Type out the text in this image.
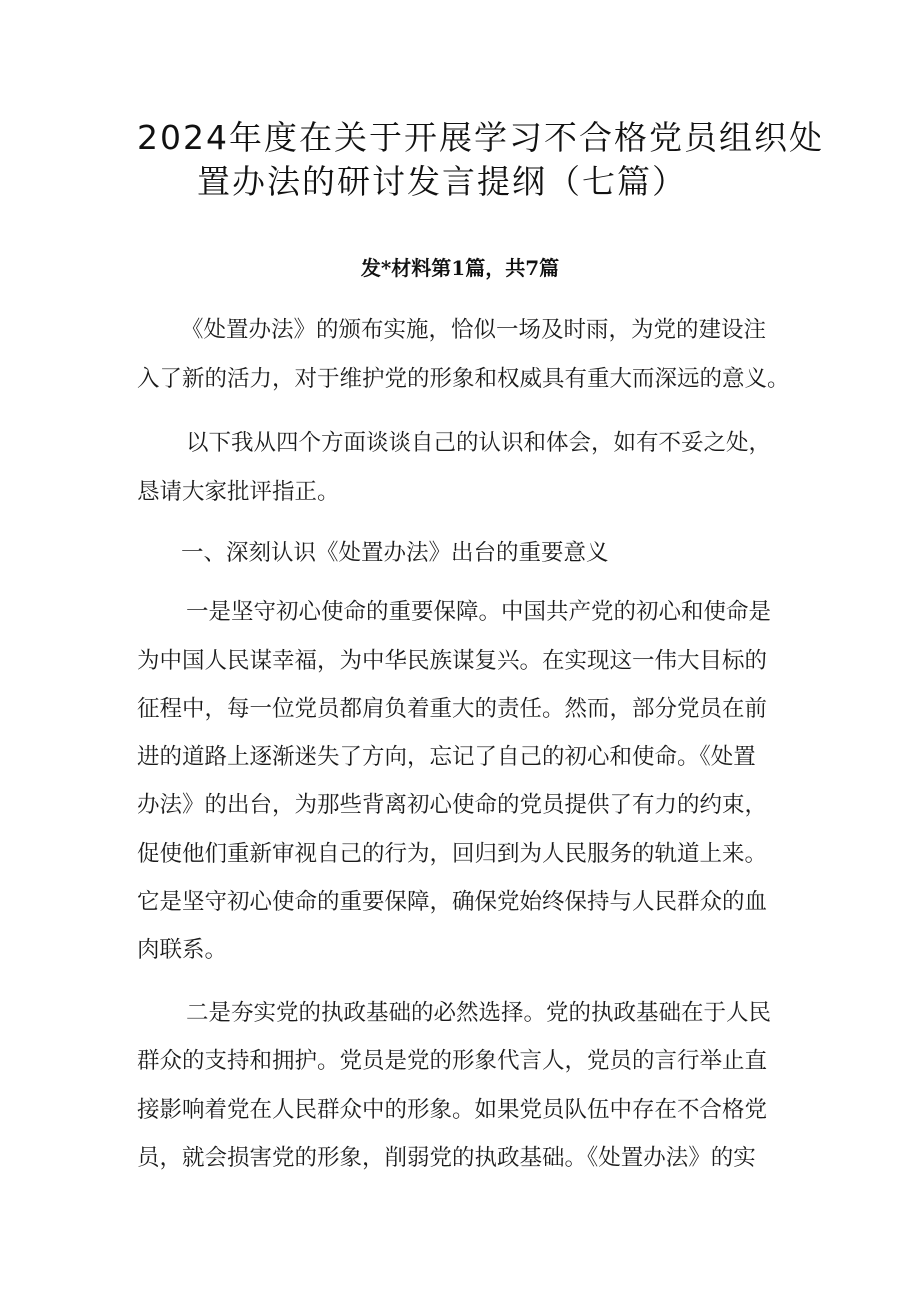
2024年度在关于开展学习不合格党员组织处
置办法的研讨发言提纲（七篇）
发*材料第1篇，共7篇
《处置办法》的颁布实施，恰似一场及时雨，为党的建设注
入了新的活力，对于维护党的形象和权威具有重大而深远的意义。
以下我从四个方面谈谈自己的认识和体会，如有不妥之处，
恳请大家批评指正。
一、深刻认识《处置办法》出台的重要意义
一是坚守初心使命的重要保障。中国共产党的初心和使命是
为中国人民谋幸福，为中华民族谋复兴。在实现这一伟大目标的
征程中，每一位党员都肩负着重大的责任。然而，部分党员在前
进的道路上逐渐迷失了方向，忘记了自己的初心和使命。《处置
办法》的出台，为那些背离初心使命的党员提供了有力的约束，
促使他们重新审视自己的行为，回归到为人民服务的轨道上来。
它是坚守初心使命的重要保障，确保党始终保持与人民群众的血
肉联系。
二是夯实党的执政基础的必然选择。党的执政基础在于人民
群众的支持和拥护。党员是党的形象代言人，党员的言行举止直
接影响着党在人民群众中的形象。如果党员队伍中存在不合格党
员，就会损害党的形象，削弱党的执政基础。《处置办法》的实
